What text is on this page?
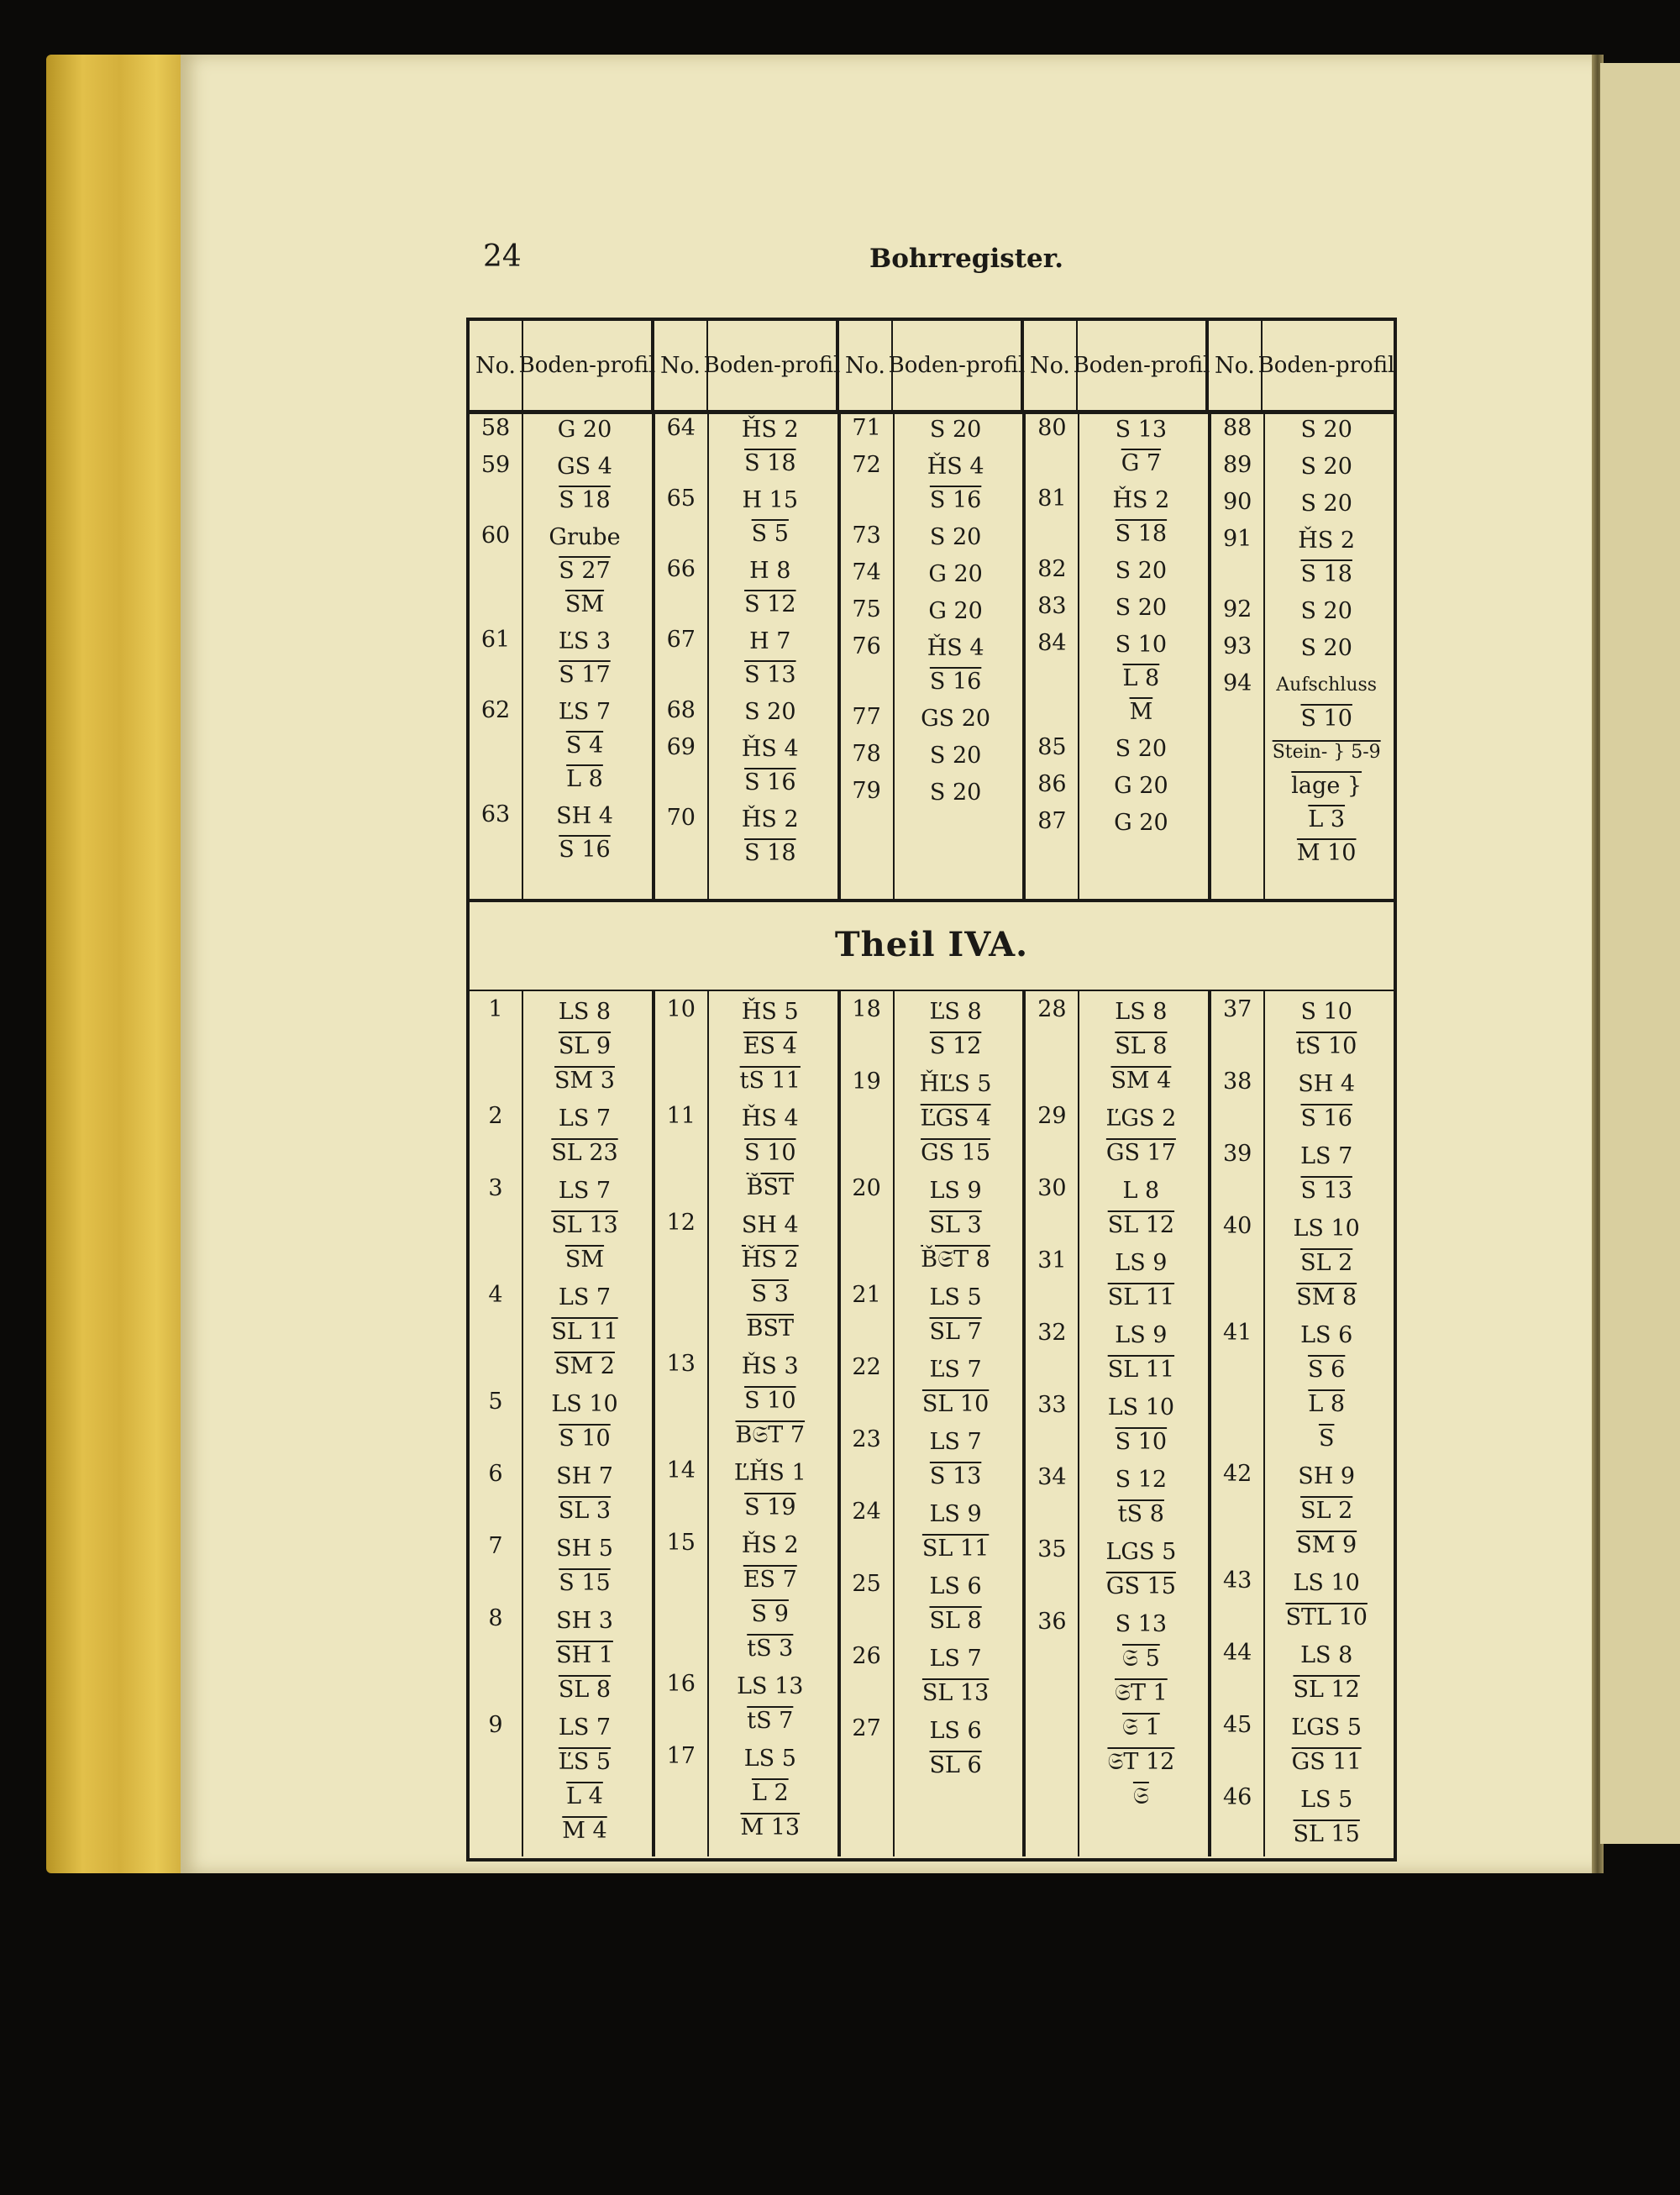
24	Bohrregister.
No. Boden- profil No. Boden- profil No. Boden- profil No. Boden- profil No. Boden- profil
58	G 20
59	GS 4
S 18
60	Grube
S 27
$\overline{SM}$
61	ĽS 3
S 17
62	ĽS 7
S 4
L 8
63	SH 4
S 16
64	ȞS 2
S 18
65	H 15
S 5
66	H 8
S 12
67	H 7
S 13
68	S 20
69	ȞS 4
S 16
70	ȞS 2
S 18
71	S 20
72	ȞS 4
S 16
73	S 20
74	G 20
75	G 20
76	ȞS 4
S 16
77	GS 20
78	S 20
79	S 20
80	S 13
G 7
81	ȞS 2
S 18
82	S 20
83	S 20
84	S 10
L 8
$\overline{M}$
85	S 20
86	G 20
87	G 20
88	S 20
89	S 20
90	S 20
91	ȞS 2
S 18
92	S 20
93	S 20
94	Aufschluss
S 10
Stein- } 5-9
lage }
L 3
M 10
Theil IVA.
1	LS 8
SL 9
SM 3
2	LS 7
SL 23
3	LS 7
SL 13
$\overline{SM}$
4	LS 7
SL 11
SM 2
5	LS 10
S 10
6	SH 7
SL 3
7	SH 5
S 15
8	SH 3
SH 1
SL 8
9	LS 7
ĽS 5
L 4
M 4
10	ȞS 5
ES 4
tS 11
11	ȞS 4
S 10
B̌ST
12	SH 4
ȞS 2
S 3
$\overline{BST}$
13	ȞS 3
S 10
B𝔖T 7
14	ĽȞS 1
S 19
15	ȞS 2
ES 7
S 9
tS 3
16	LS 13
tS 7
17	LS 5
L 2
M 13
18	ĽS 8
S 12
19	ȞĽS 5
ĽGS 4
GS 15
20	LS 9
SL 3
B̌𝔖T 8
21	LS 5
SL 7
22	ĽS 7
SL 10
23	LS 7
S 13
24	LS 9
SL 11
25	LS 6
SL 8
26	LS 7
SL 13
27	LS 6
SL 6
28	LS 8
SL 8
SM 4
29	ĽGS 2
GS 17
30	L 8
SL 12
31	LS 9
SL 11
32	LS 9
SL 11
33	LS 10
S 10
34	S 12
tS 8
35	LGS 5
GS 15
36	S 13
𝔖 5
𝔖T 1
𝔖 1
𝔖T 12
𝔖
37	S 10
tS 10
38	SH 4
S 16
39	LS 7
S 13
40	LS 10
SL 2
SM 8
41	LS 6
S 6
L 8
$\overline{S}$
42	SH 9
SL 2
SM 9
43	LS 10
STL 10
44	LS 8
SL 12
45	ĽGS 5
GS 11
46	LS 5
SL 15
